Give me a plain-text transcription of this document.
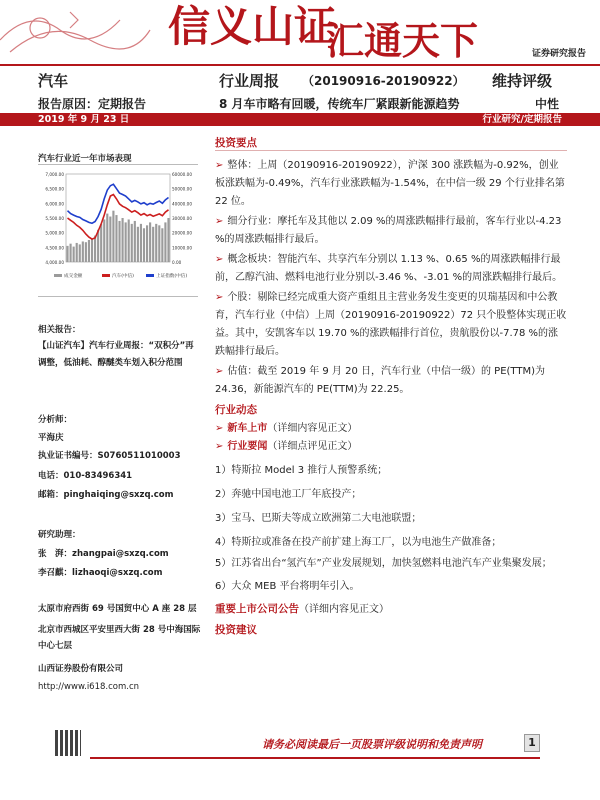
信义山证
汇通天下	证券研究报告
汽车	行业周报 （20190916-20190922） 维持评级
报告原因：定期报告	8 月车市略有回暖，传统车厂紧跟新能源趋势	中性
2019 年 9 月 23 日	行业研究/定期报告
汽车行业近一年市场表现
7,000.00
6,500.00
6,000.00
5,500.00
5,000.00
4,500.00
4,000.00
60000.00
50000.00
40000.00
30000.00
20000.00
10000.00
0.00
成交金额	汽车(中信)	上证指数(中信)
相关报告：
【山证汽车】汽车行业周报：“双积分”再调整，低油耗、醇醚类车划入积分范围
分析师：
平海庆
执业证书编号：S0760511010003
电话：010-83496341
邮箱：pinghaiqing@sxzq.com
研究助理：
张　湃：zhangpai@sxzq.com
李召麒：lizhaoqi@sxzq.com
太原市府西街 69 号国贸中心 A 座 28 层
北京市西城区平安里西大街 28 号中海国际中心七层
山西证券股份有限公司
http://www.i618.com.cn
投资要点
➢ 整体：上周（20190916-20190922），沪深 300 涨跌幅为-0.92%，创业板涨跌幅为-0.49%，汽车行业涨跌幅为-1.54%，在中信一级 29 个行业排名第 22 位。
➢ 细分行业：摩托车及其他以 2.09 %的周涨跌幅排行最前，客车行业以-4.23 %的周涨跌幅排行最后。
➢ 概念板块：智能汽车、共享汽车分别以 1.13 %、0.65 %的周涨跌幅排行最前，乙醇汽油、燃料电池行业分别以-3.46 %、-3.01 %的周涨跌幅排行最后。
➢ 个股：剔除已经完成重大资产重组且主营业务发生变更的贝瑞基因和中公教育，汽车行业（中信）上周（20190916-20190922）72 只个股整体实现正收益。其中，安凯客车以 19.70 %的涨跌幅排行首位，贵航股份以-7.78 %的涨跌幅排行最后。
➢ 估值：截至 2019 年 9 月 20 日，汽车行业（中信一级）的 PE(TTM)为 24.36，新能源汽车的 PE(TTM)为 22.25。
行业动态
➢ 新车上市（详细内容见正文）
➢ 行业要闻（详细点评见正文）
1）特斯拉 Model 3 推行人预警系统；
2）奔驰中国电池工厂年底投产；
3）宝马、巴斯夫等成立欧洲第二大电池联盟；
4）特斯拉或准备在投产前扩建上海工厂，以为电池生产做准备；
5）江苏省出台“氢汽车”产业发展规划，加快氢燃料电池汽车产业集聚发展；
6）大众 MEB 平台将明年引入。
重要上市公司公告（详细内容见正文）
投资建议
请务必阅读最后一页股票评级说明和免责声明	1
